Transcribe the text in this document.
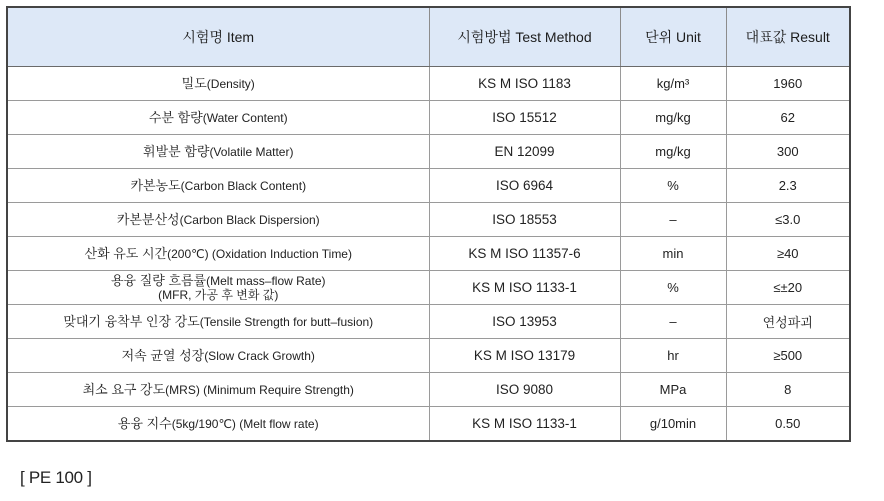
시험명 Item	시험방법 Test Method	단위 Unit	대표값 Result
밀도(Density)	KS M ISO 1183	kg/m³	1960
수분 함량(Water Content)	ISO 15512	mg/kg	62
휘발분 함량(Volatile Matter)	EN 12099	mg/kg	300
카본농도(Carbon Black Content)	ISO 6964	%	2.3
카본분산성(Carbon Black Dispersion)	ISO 18553	–	≤3.0
산화 유도 시간(200℃) (Oxidation Induction Time)	KS M ISO 11357-6	min	≥40
용융 질량 흐름률(Melt mass–flow Rate)
(MFR, 가공 후 변화 값)	KS M ISO 1133-1	%	≤±20
맞대기 융착부 인장 강도(Tensile Strength for butt–fusion)	ISO 13953	–	연성파괴
저속 균열 성장(Slow Crack Growth)	KS M ISO 13179	hr	≥500
최소 요구 강도(MRS) (Minimum Require Strength)	ISO 9080	MPa	8
용융 지수(5kg/190℃) (Melt flow rate)	KS M ISO 1133-1	g/10min	0.50
[ PE 100 ]
